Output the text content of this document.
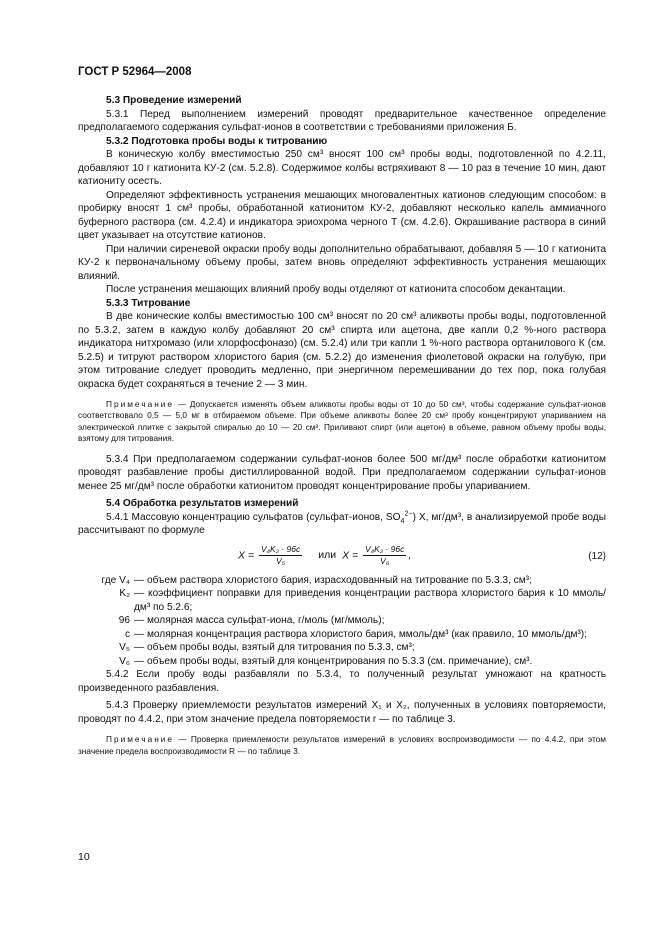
ГОСТ Р 52964—2008

5.3 Проведение измерений

5.3.1 Перед выполнением измерений проводят предварительное качественное определение предполагаемого содержания сульфат-ионов в соответствии с требованиями приложения Б.

5.3.2 Подготовка пробы воды к титрованию

В коническую колбу вместимостью 250 см³ вносят 100 см³ пробы воды, подготовленной по 4.2.11, добавляют 10 г катионита КУ-2 (см. 5.2.8). Содержимое колбы встряхивают 8 — 10 раз в течение 10 мин, дают катиониту осесть.

Определяют эффективность устранения мешающих многовалентных катионов следующим способом: в пробирку вносят 1 см³ пробы, обработанной катионитом КУ-2, добавляют несколько капель аммиачного буферного раствора (см. 4.2.4) и индикатора эриохрома черного Т (см. 4.2.6). Окрашивание раствора в синий цвет указывает на отсутствие катионов.

При наличии сиреневой окраски пробу воды дополнительно обрабатывают, добавляя 5 — 10 г катионита КУ-2 к первоначальному объему пробы, затем вновь определяют эффективность устранения мешающих влияний.

После устранения мешающих влияний пробу воды отделяют от катионита способом декантации.

5.3.3 Титрование

В две конические колбы вместимостью 100 см³ вносят по 20 см³ аликвоты пробы воды, подготовленной по 5.3.2, затем в каждую колбу добавляют 20 см³ спирта или ацетона, две капли 0,2 %-ного раствора индикатора нитхромазо (или хлорфосфоназо) (см. 5.2.4) или три капли 1 %-ного раствора ортанилового К (см. 5.2.5) и титруют раствором хлористого бария (см. 5.2.2) до изменения фиолетовой окраски на голубую, при этом титрование следует проводить медленно, при энергичном перемешивании до тех пор, пока голубая окраска будет сохраняться в течение 2 — 3 мин.

Примечание — Допускается изменять объем аликвоты пробы воды от 10 до 50 см³, чтобы содержание сульфат-ионов соответствовало 0,5 — 5,0 мг в отбираемом объеме. При объеме аликвоты более 20 см³ пробу концентрируют упариванием на электрической плитке с закрытой спиралью до 10 — 20 см³. Приливают спирт (или ацетон) в объеме, равном объему пробы воды, взятому для титрования.

5.3.4 При предполагаемом содержании сульфат-ионов более 500 мг/дм³ после обработки катионитом проводят разбавление пробы дистиллированной водой. При предполагаемом содержании сульфат-ионов менее 25 мг/дм³ после обработки катионитом проводят концентрирование пробы упариванием.

5.4 Обработка результатов измерений

5.4.1 Массовую концентрацию сульфатов (сульфат-ионов, $SO_4^{2-}$) X, мг/дм³, в анализируемой пробе воды рассчитывают по формуле

$X = \frac{\text{V₄K₂ · 96c}}{\text{V₅}}$ или $X = \frac{\text{V₄K₂ · 96c}}{\text{V₆}}$ ,	(12)
где V₄ — объем раствора хлористого бария, израсходованный на титрование по 5.3.3, см³;
K₂ — коэффициент поправки для приведения концентрации раствора хлористого бария к 10 ммоль/дм³ по 5.2.6;
96 — молярная масса сульфат-иона, г/моль (мг/ммоль);
c — молярная концентрация раствора хлористого бария, ммоль/дм³ (как правило, 10 ммоль/дм³);
V₅ — объем пробы воды, взятый для титрования по 5.3.3, см³;
V₆ — объем пробы воды, взятый для концентрирования по 5.3.3 (см. примечание), см³.

5.4.2 Если пробу воды разбавляли по 5.3.4, то полученный результат умножают на кратность произведенного разбавления.

5.4.3 Проверку приемлемости результатов измерений X₁ и X₂, полученных в условиях повторяемости, проводят по 4.4.2, при этом значение предела повторяемости r — по таблице 3.

Примечание — Проверка приемлемости результатов измерений в условиях воспроизводимости — по 4.4.2, при этом значение предела воспроизводимости R — по таблице 3.

10
